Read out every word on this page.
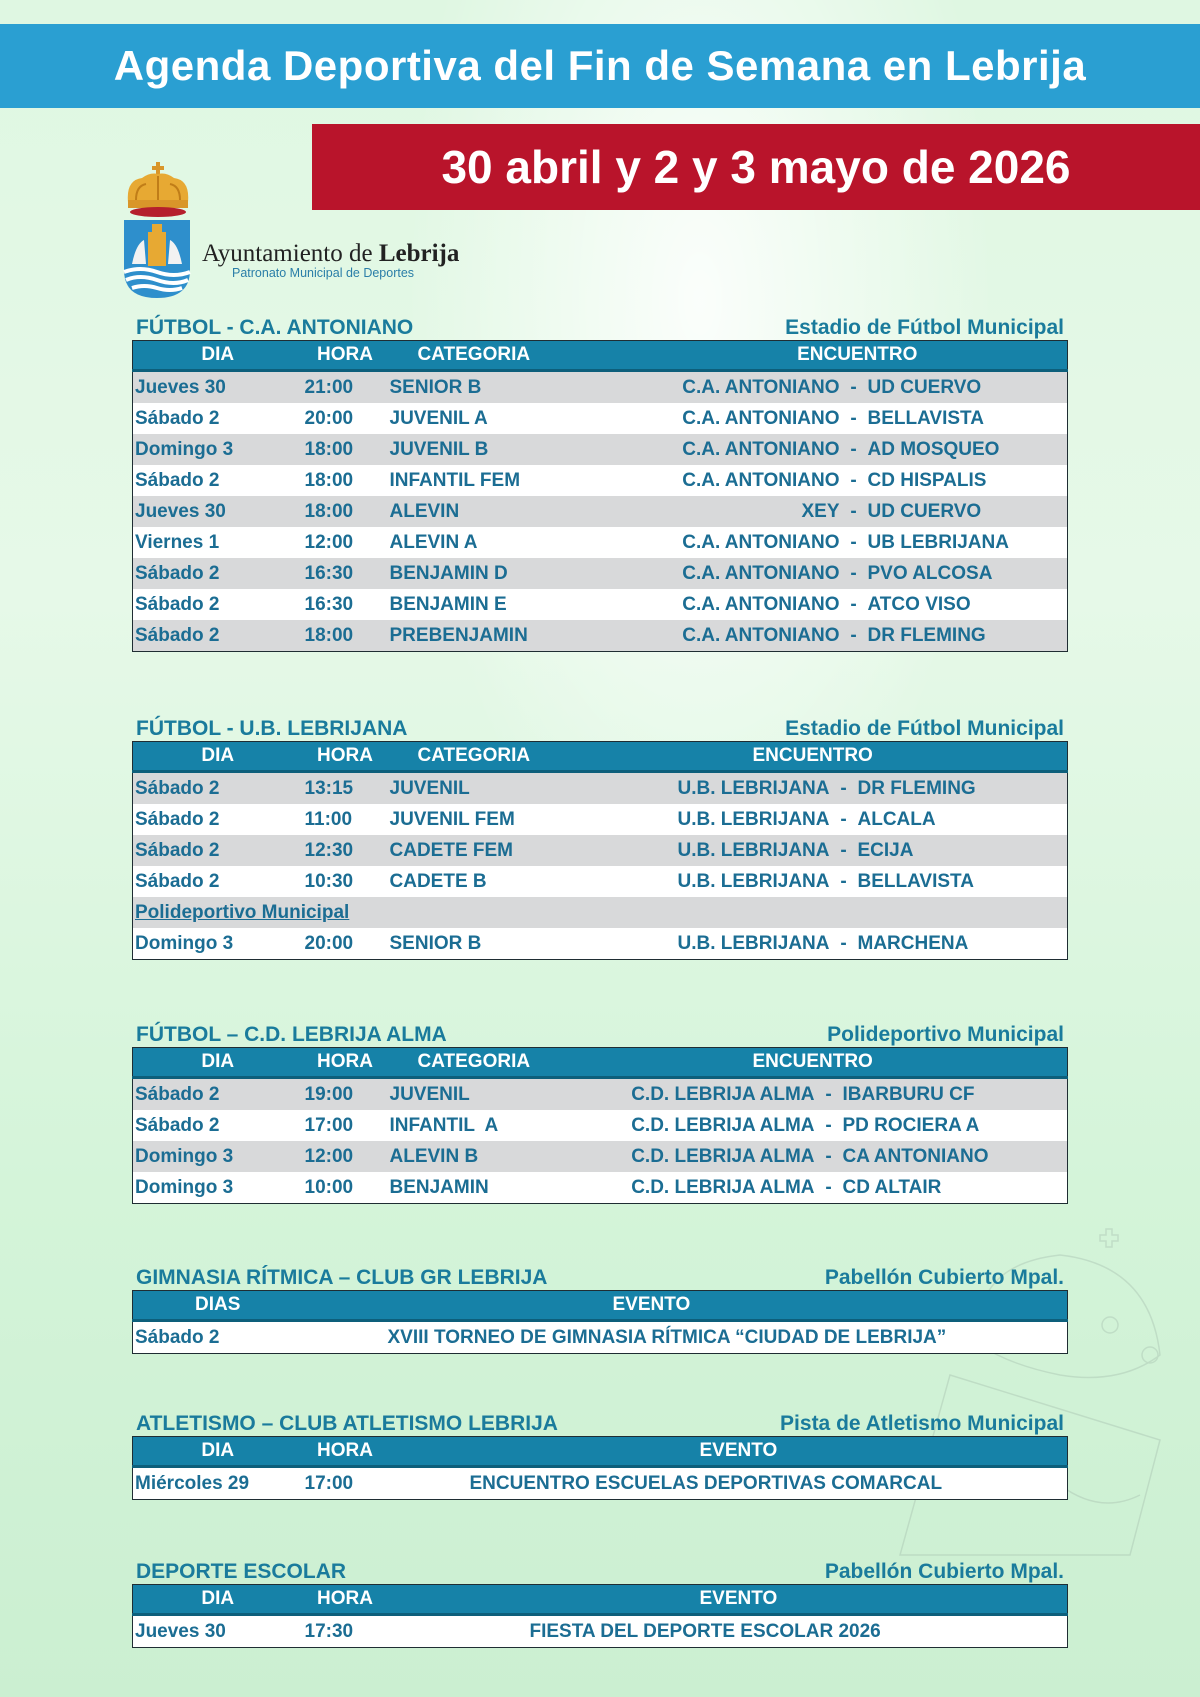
Agenda Deportiva del Fin de Semana en Lebrija
30 abril y 2 y 3 mayo de 2026
Ayuntamiento de Lebrija
Patronato Municipal de Deportes
FÚTBOL - C.A. ANTONIANO	Estadio de Fútbol Municipal
DIA	HORA	CATEGORIA	ENCUENTRO
Jueves 30	21:00	SENIOR B	C.A. ANTONIANO - UD CUERVO

Sábado 2	20:00	JUVENIL A	C.A. ANTONIANO - BELLAVISTA

Domingo 3	18:00	JUVENIL B	C.A. ANTONIANO - AD MOSQUEO

Sábado 2	18:00	INFANTIL FEM	C.A. ANTONIANO - CD HISPALIS

Jueves 30	18:00	ALEVIN	XEY - UD CUERVO

Viernes 1	12:00	ALEVIN A	C.A. ANTONIANO - UB LEBRIJANA

Sábado 2	16:30	BENJAMIN D	C.A. ANTONIANO - PVO ALCOSA

Sábado 2	16:30	BENJAMIN E	C.A. ANTONIANO - ATCO VISO

Sábado 2	18:00	PREBENJAMIN	C.A. ANTONIANO - DR FLEMING
FÚTBOL - U.B. LEBRIJANA	Estadio de Fútbol Municipal
DIA	HORA	CATEGORIA	ENCUENTRO
Sábado 2	13:15	JUVENIL	U.B. LEBRIJANA - DR FLEMING

Sábado 2	11:00	JUVENIL FEM	U.B. LEBRIJANA - ALCALA

Sábado 2	12:30	CADETE FEM	U.B. LEBRIJANA - ECIJA

Sábado 2	10:30	CADETE B	U.B. LEBRIJANA - BELLAVISTA

Polideportivo Municipal			
Domingo 3	20:00	SENIOR B	U.B. LEBRIJANA - MARCHENA
FÚTBOL – C.D. LEBRIJA ALMA	Polideportivo Municipal
DIA	HORA	CATEGORIA	ENCUENTRO
Sábado 2	19:00	JUVENIL	C.D. LEBRIJA ALMA - IBARBURU CF

Sábado 2	17:00	INFANTIL  A	C.D. LEBRIJA ALMA - PD ROCIERA A

Domingo 3	12:00	ALEVIN B	C.D. LEBRIJA ALMA - CA ANTONIANO

Domingo 3	10:00	BENJAMIN	C.D. LEBRIJA ALMA - CD ALTAIR
GIMNASIA RÍTMICA – CLUB GR LEBRIJA	Pabellón Cubierto Mpal.
DIAS	EVENTO
Sábado 2	XVIII TORNEO DE GIMNASIA RÍTMICA “CIUDAD DE LEBRIJA”
ATLETISMO – CLUB ATLETISMO LEBRIJA	Pista de Atletismo Municipal
DIA	HORA	EVENTO
Miércoles 29	17:00	ENCUENTRO ESCUELAS DEPORTIVAS COMARCAL
DEPORTE ESCOLAR	Pabellón Cubierto Mpal.
DIA	HORA	EVENTO
Jueves 30	17:30	FIESTA DEL DEPORTE ESCOLAR 2026
